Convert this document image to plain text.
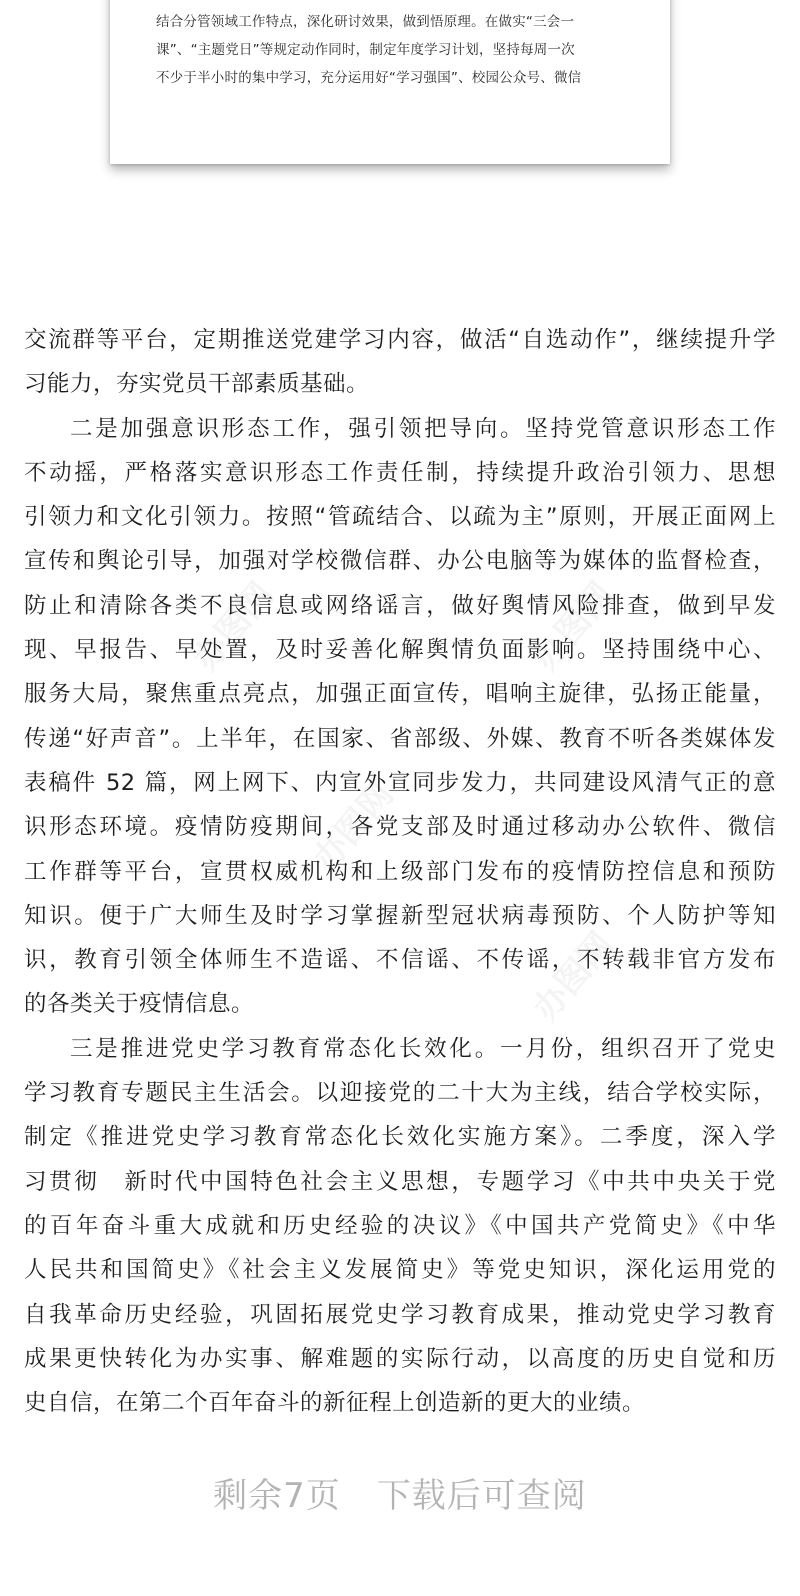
结合分管领域工作特点，深化研讨效果，做到悟原理。在做实“三会一
课”、“主题党日”等规定动作同时，制定年度学习计划，坚持每周一次
不少于半小时的集中学习，充分运用好“学习强国”、校园公众号、微信
办图网	办图网
办图网
办图网
交流群等平台，定期推送党建学习内容，做活“自选动作”，继续提升学
习能力，夯实党员干部素质基础。
二是加强意识形态工作，强引领把导向。坚持党管意识形态工作
不动摇，严格落实意识形态工作责任制，持续提升政治引领力、思想
引领力和文化引领力。按照“管疏结合、以疏为主”原则，开展正面网上
宣传和舆论引导，加强对学校微信群、办公电脑等为媒体的监督检查，
防止和清除各类不良信息或网络谣言，做好舆情风险排查，做到早发
现、早报告、早处置，及时妥善化解舆情负面影响。坚持围绕中心、
服务大局，聚焦重点亮点，加强正面宣传，唱响主旋律，弘扬正能量，
传递“好声音”。上半年，在国家、省部级、外媒、教育不听各类媒体发
表稿件 52 篇，网上网下、内宣外宣同步发力，共同建设风清气正的意
识形态环境。疫情防疫期间，各党支部及时通过移动办公软件、微信
工作群等平台，宣贯权威机构和上级部门发布的疫情防控信息和预防
知识。便于广大师生及时学习掌握新型冠状病毒预防、个人防护等知
识，教育引领全体师生不造谣、不信谣、不传谣，不转载非官方发布
的各类关于疫情信息。
三是推进党史学习教育常态化长效化。一月份，组织召开了党史
学习教育专题民主生活会。以迎接党的二十大为主线，结合学校实际，
制定《推进党史学习教育常态化长效化实施方案》。二季度，深入学
习贯彻　新时代中国特色社会主义思想，专题学习《中共中央关于党
的百年奋斗重大成就和历史经验的决议》《中国共产党简史》《中华
人民共和国简史》《社会主义发展简史》等党史知识，深化运用党的
自我革命历史经验，巩固拓展党史学习教育成果，推动党史学习教育
成果更快转化为办实事、解难题的实际行动，以高度的历史自觉和历
史自信，在第二个百年奋斗的新征程上创造新的更大的业绩。
剩余7页 下载后可查阅
